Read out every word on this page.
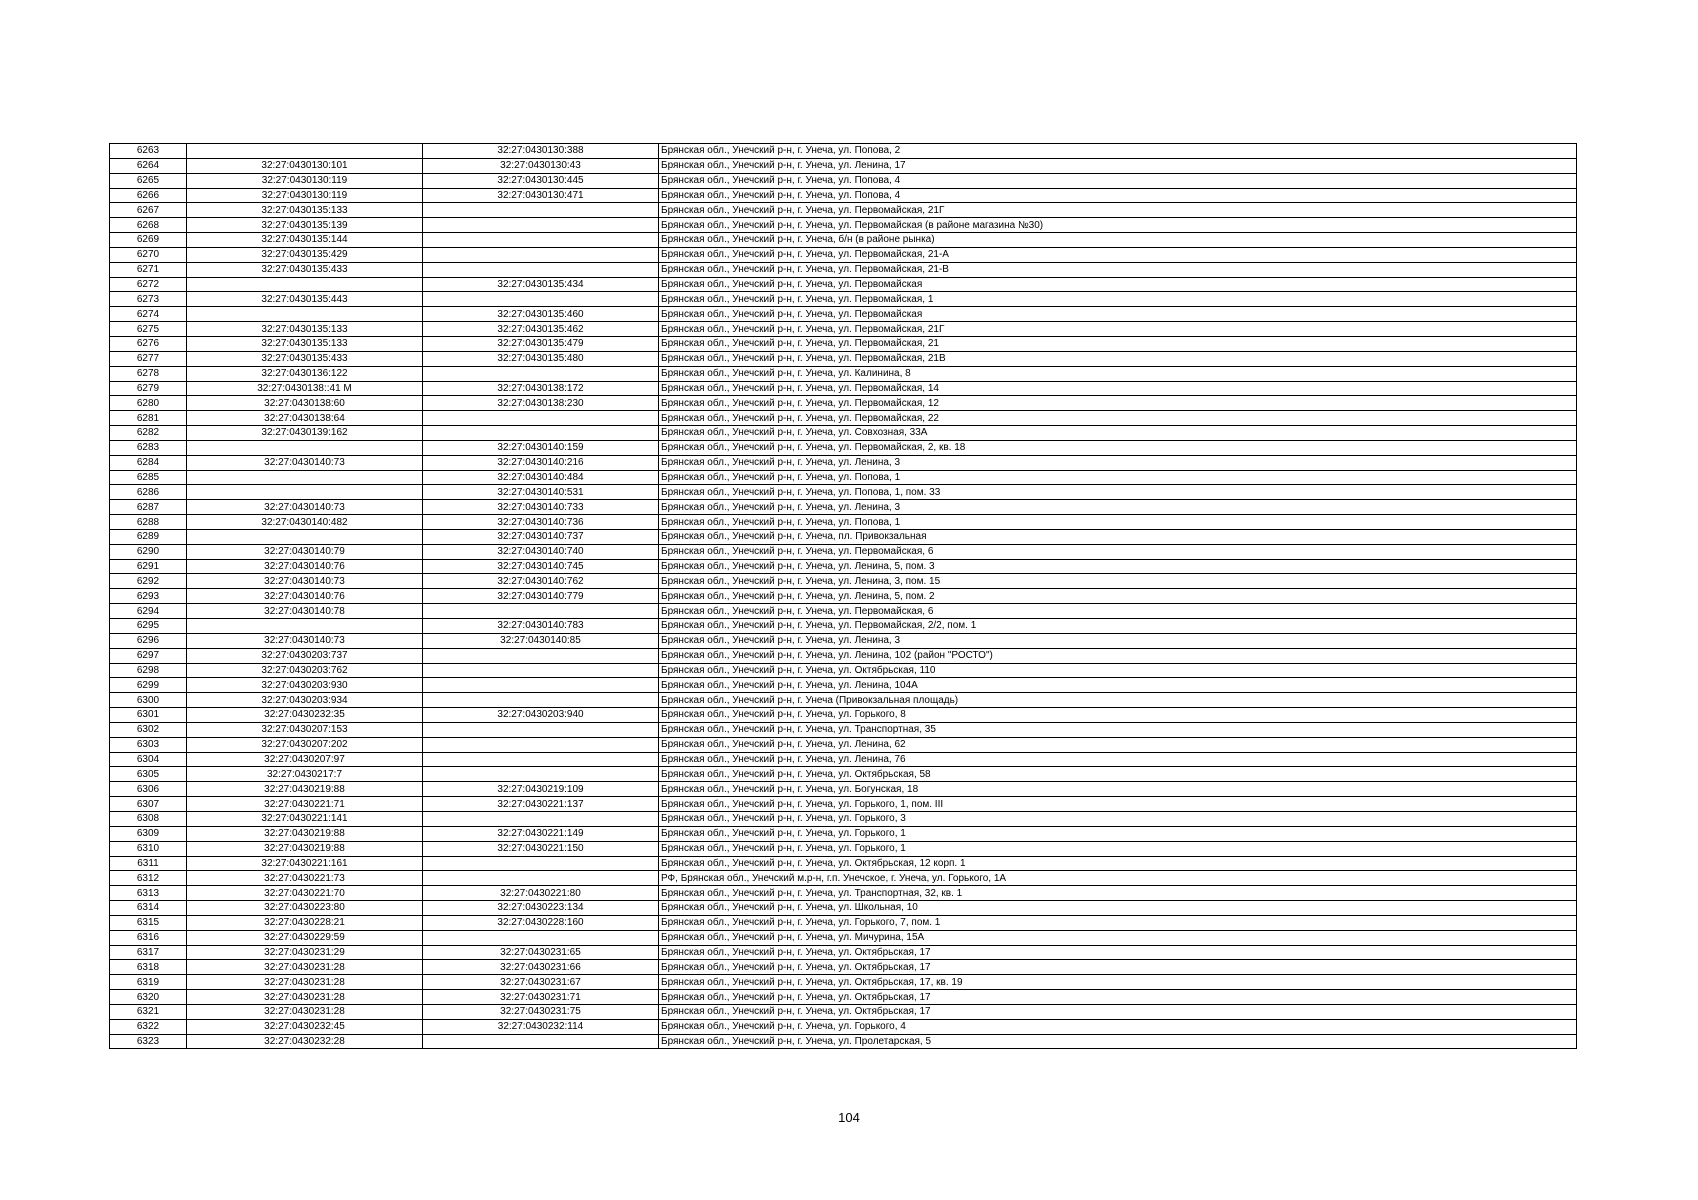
6263		32:27:0430130:388	Брянская обл., Унечский р-н, г. Унеча, ул. Попова, 2
6264	32:27:0430130:101	32:27:0430130:43	Брянская обл., Унечский р-н, г. Унеча, ул. Ленина, 17
6265	32:27:0430130:119	32:27:0430130:445	Брянская обл., Унечский р-н, г. Унеча, ул. Попова, 4
6266	32:27:0430130:119	32:27:0430130:471	Брянская обл., Унечский р-н, г. Унеча, ул. Попова, 4
6267	32:27:0430135:133		Брянская обл., Унечский р-н, г. Унеча, ул. Первомайская, 21Г
6268	32:27:0430135:139		Брянская обл., Унечский р-н, г. Унеча, ул. Первомайская (в районе магазина №30)
6269	32:27:0430135:144		Брянская обл., Унечский р-н, г. Унеча, б/н (в районе рынка)
6270	32:27:0430135:429		Брянская обл., Унечский р-н, г. Унеча, ул. Первомайская, 21-А
6271	32:27:0430135:433		Брянская обл., Унечский р-н, г. Унеча, ул. Первомайская, 21-В
6272		32:27:0430135:434	Брянская обл., Унечский р-н, г. Унеча, ул. Первомайская
6273	32:27:0430135:443		Брянская обл., Унечский р-н, г. Унеча, ул. Первомайская, 1
6274		32:27:0430135:460	Брянская обл., Унечский р-н, г. Унеча, ул. Первомайская
6275	32:27:0430135:133	32:27:0430135:462	Брянская обл., Унечский р-н, г. Унеча, ул. Первомайская, 21Г
6276	32:27:0430135:133	32:27:0430135:479	Брянская обл., Унечский р-н, г. Унеча, ул. Первомайская, 21
6277	32:27:0430135:433	32:27:0430135:480	Брянская обл., Унечский р-н, г. Унеча, ул. Первомайская, 21В
6278	32:27:0430136:122		Брянская обл., Унечский р-н, г. Унеча, ул. Калинина, 8
6279	32:27:0430138::41 М	32:27:0430138:172	Брянская обл., Унечский р-н, г. Унеча, ул. Первомайская, 14
6280	32:27:0430138:60	32:27:0430138:230	Брянская обл., Унечский р-н, г. Унеча, ул. Первомайская, 12
6281	32:27:0430138:64		Брянская обл., Унечский р-н, г. Унеча, ул. Первомайская, 22
6282	32:27:0430139:162		Брянская обл., Унечский р-н, г. Унеча, ул. Совхозная, 33А
6283		32:27:0430140:159	Брянская обл., Унечский р-н, г. Унеча, ул. Первомайская, 2, кв. 18
6284	32:27:0430140:73	32:27:0430140:216	Брянская обл., Унечский р-н, г. Унеча, ул. Ленина, 3
6285		32:27:0430140:484	Брянская обл., Унечский р-н, г. Унеча, ул. Попова, 1
6286		32:27:0430140:531	Брянская обл., Унечский р-н, г. Унеча, ул. Попова, 1, пом. 33
6287	32:27:0430140:73	32:27:0430140:733	Брянская обл., Унечский р-н, г. Унеча, ул. Ленина, 3
6288	32:27:0430140:482	32:27:0430140:736	Брянская обл., Унечский р-н, г. Унеча, ул. Попова, 1
6289		32:27:0430140:737	Брянская обл., Унечский р-н, г. Унеча, пл. Привокзальная
6290	32:27:0430140:79	32:27:0430140:740	Брянская обл., Унечский р-н, г. Унеча, ул. Первомайская, 6
6291	32:27:0430140:76	32:27:0430140:745	Брянская обл., Унечский р-н, г. Унеча, ул. Ленина, 5, пом. 3
6292	32:27:0430140:73	32:27:0430140:762	Брянская обл., Унечский р-н, г. Унеча, ул. Ленина, 3, пом. 15
6293	32:27:0430140:76	32:27:0430140:779	Брянская обл., Унечский р-н, г. Унеча, ул. Ленина, 5, пом. 2
6294	32:27:0430140:78		Брянская обл., Унечский р-н, г. Унеча, ул. Первомайская, 6
6295		32:27:0430140:783	Брянская обл., Унечский р-н, г. Унеча, ул. Первомайская, 2/2, пом. 1
6296	32:27:0430140:73	32:27:0430140:85	Брянская обл., Унечский р-н, г. Унеча, ул. Ленина, 3
6297	32:27:0430203:737		Брянская обл., Унечский р-н, г. Унеча, ул. Ленина, 102 (район "РОСТО")
6298	32:27:0430203:762		Брянская обл., Унечский р-н, г. Унеча, ул. Октябрьская, 110
6299	32:27:0430203:930		Брянская обл., Унечский р-н, г. Унеча, ул. Ленина, 104А
6300	32:27:0430203:934		Брянская обл., Унечский р-н, г. Унеча (Привокзальная площадь)
6301	32:27:0430232:35	32:27:0430203:940	Брянская обл., Унечский р-н, г. Унеча, ул. Горького, 8
6302	32:27:0430207:153		Брянская обл., Унечский р-н, г. Унеча, ул. Транспортная, 35
6303	32:27:0430207:202		Брянская обл., Унечский р-н, г. Унеча, ул. Ленина, 62
6304	32:27:0430207:97		Брянская обл., Унечский р-н, г. Унеча, ул. Ленина, 76
6305	32:27:0430217:7		Брянская обл., Унечский р-н, г. Унеча, ул. Октябрьская, 58
6306	32:27:0430219:88	32:27:0430219:109	Брянская обл., Унечский р-н, г. Унеча, ул. Богунская, 18
6307	32:27:0430221:71	32:27:0430221:137	Брянская обл., Унечский р-н, г. Унеча, ул. Горького, 1, пом. III
6308	32:27:0430221:141		Брянская обл., Унечский р-н, г. Унеча, ул. Горького, 3
6309	32:27:0430219:88	32:27:0430221:149	Брянская обл., Унечский р-н, г. Унеча, ул. Горького, 1
6310	32:27:0430219:88	32:27:0430221:150	Брянская обл., Унечский р-н, г. Унеча, ул. Горького, 1
6311	32:27:0430221:161		Брянская обл., Унечский р-н, г. Унеча, ул. Октябрьская, 12 корп. 1
6312	32:27:0430221:73		РФ, Брянская обл., Унечский м.р-н, г.п. Унечское, г. Унеча, ул. Горького, 1А
6313	32:27:0430221:70	32:27:0430221:80	Брянская обл., Унечский р-н, г. Унеча, ул. Транспортная, 32, кв. 1
6314	32:27:0430223:80	32:27:0430223:134	Брянская обл., Унечский р-н, г. Унеча, ул. Школьная, 10
6315	32:27:0430228:21	32:27:0430228:160	Брянская обл., Унечский р-н, г. Унеча, ул. Горького, 7, пом. 1
6316	32:27:0430229:59		Брянская обл., Унечский р-н, г. Унеча, ул. Мичурина, 15А
6317	32:27:0430231:29	32:27:0430231:65	Брянская обл., Унечский р-н, г. Унеча, ул. Октябрьская, 17
6318	32:27:0430231:28	32:27:0430231:66	Брянская обл., Унечский р-н, г. Унеча, ул. Октябрьская, 17
6319	32:27:0430231:28	32:27:0430231:67	Брянская обл., Унечский р-н, г. Унеча, ул. Октябрьская, 17, кв. 19
6320	32:27:0430231:28	32:27:0430231:71	Брянская обл., Унечский р-н, г. Унеча, ул. Октябрьская, 17
6321	32:27:0430231:28	32:27:0430231:75	Брянская обл., Унечский р-н, г. Унеча, ул. Октябрьская, 17
6322	32:27:0430232:45	32:27:0430232:114	Брянская обл., Унечский р-н, г. Унеча, ул. Горького, 4
6323	32:27:0430232:28		Брянская обл., Унечский р-н, г. Унеча, ул. Пролетарская, 5
104
